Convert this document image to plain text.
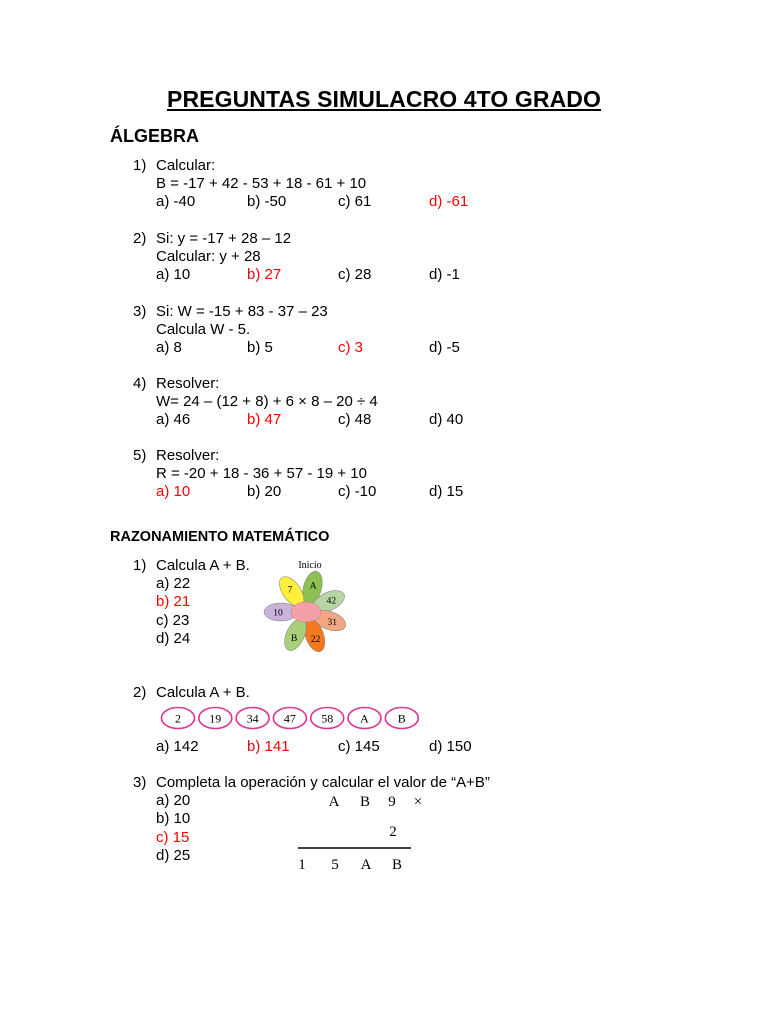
PREGUNTAS SIMULACRO 4TO GRADO
ÁLGEBRA
1) Calcular:
B = -17 + 42 - 53 + 18 - 61 + 10
a) -40	b) -50	c) 61	d) -61
2) Si: y = -17 + 28 – 12
Calcular: y + 28
a) 10	b) 27	c) 28	d) -1
3) Si: W = -15 + 83 - 37 – 23
Calcula W - 5.
a) 8	b) 5	c) 3	d) -5
4) Resolver:
W= 24 – (12 + 8) + 6 × 8 – 20 ÷ 4
a) 46	b) 47	c) 48	d) 40
5) Resolver:
R = -20 + 18 - 36 + 57 - 19 + 10
a) 10	b) 20	c) -10	d) 15
RAZONAMIENTO MATEMÁTICO
1) Calcula A + B.
a) 22
b) 21
c) 23
d) 24
Inicio
A
42
31
22
B
10
7
2) Calcula A + B.
2 19 34 47 58 A B
a) 142	b) 141	c) 145	d) 150
3) Completa la operación y calcular el valor de “A+B”
a) 20
b) 10
c) 15
d) 25
A B 9 ×
2
1 5 A B
